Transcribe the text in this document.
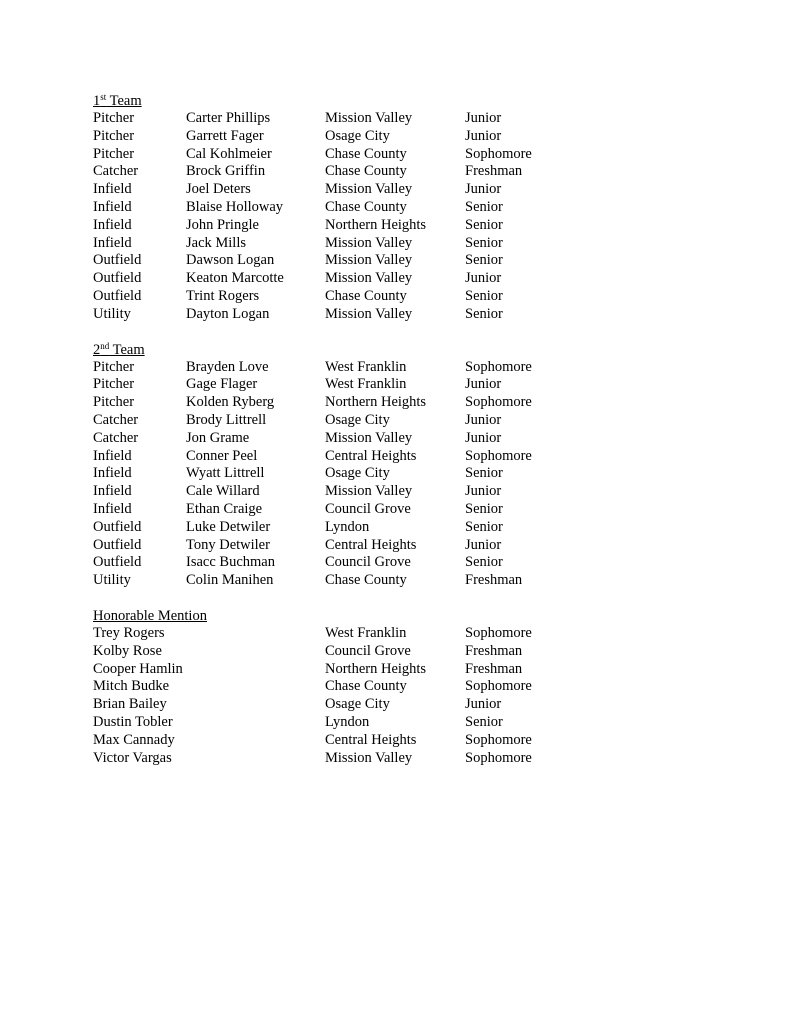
1st Team
Pitcher	Carter Phillips	Mission Valley	Junior
Pitcher	Garrett Fager	Osage City	Junior
Pitcher	Cal Kohlmeier	Chase County	Sophomore
Catcher	Brock Griffin	Chase County	Freshman
Infield	Joel Deters	Mission Valley	Junior
Infield	Blaise Holloway	Chase County	Senior
Infield	John Pringle	Northern Heights	Senior
Infield	Jack Mills	Mission Valley	Senior
Outfield	Dawson Logan	Mission Valley	Senior
Outfield	Keaton Marcotte	Mission Valley	Junior
Outfield	Trint Rogers	Chase County	Senior
Utility	Dayton Logan	Mission Valley	Senior
2nd Team
Pitcher	Brayden Love	West Franklin	Sophomore
Pitcher	Gage Flager	West Franklin	Junior
Pitcher	Kolden Ryberg	Northern Heights	Sophomore
Catcher	Brody Littrell	Osage City	Junior
Catcher	Jon Grame	Mission Valley	Junior
Infield	Conner Peel	Central Heights	Sophomore
Infield	Wyatt Littrell	Osage City	Senior
Infield	Cale Willard	Mission Valley	Junior
Infield	Ethan Craige	Council Grove	Senior
Outfield	Luke Detwiler	Lyndon	Senior
Outfield	Tony Detwiler	Central Heights	Junior
Outfield	Isacc Buchman	Council Grove	Senior
Utility	Colin Manihen	Chase County	Freshman
Honorable Mention
Trey Rogers	West Franklin	Sophomore
Kolby Rose	Council Grove	Freshman
Cooper Hamlin	Northern Heights	Freshman
Mitch Budke	Chase County	Sophomore
Brian Bailey	Osage City	Junior
Dustin Tobler	Lyndon	Senior
Max Cannady	Central Heights	Sophomore
Victor Vargas	Mission Valley	Sophomore
